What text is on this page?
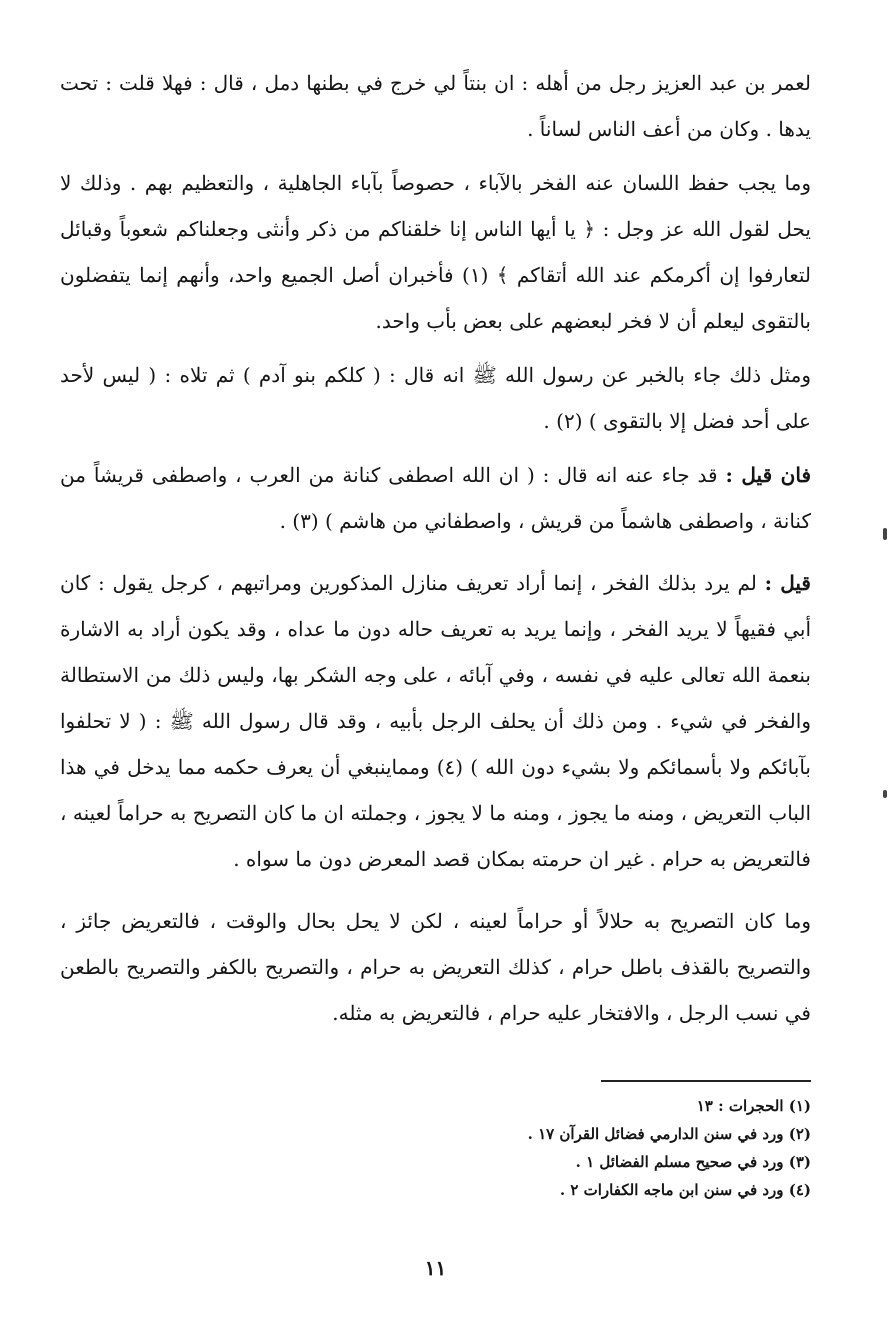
لعمر بن عبد العزيز رجل من أهله : ان بنتاً لي خرج في بطنها دمل ، قال : فهلا قلت : تحت يدها . وكان من أعف الناس لساناً .

وما يجب حفظ اللسان عنه الفخر بالآباء ، حصوصاً بآباء الجاهلية ، والتعظيم بهم . وذلك لا يحل لقول الله عز وجل : ﴿ يا أيها الناس إنا خلقناكم من ذكر وأنثى وجعلناكم شعوباً وقبائل لتعارفوا إن أكرمكم عند الله أتقاكم ﴾ (١) فأخبران أصل الجميع واحد، وأنهم إنما يتفضلون بالتقوى ليعلم أن لا فخر لبعضهم على بعض بأب واحد.

ومثل ذلك جاء بالخبر عن رسول الله ﷺ انه قال : ( كلكم بنو آدم ) ثم تلاه : ( ليس لأحد على أحد فضل إلا بالتقوى ) (٢) .

فان قيل : قد جاء عنه انه قال : ( ان الله اصطفى كنانة من العرب ، واصطفى قريشاً من كنانة ، واصطفى هاشماً من قريش ، واصطفاني من هاشم ) (٣) .

قيل : لم يرد بذلك الفخر ، إنما أراد تعريف منازل المذكورين ومراتبهم ، كرجل يقول : كان أبي فقيهاً لا يريد الفخر ، وإنما يريد به تعريف حاله دون ما عداه ، وقد يكون أراد به الاشارة بنعمة الله تعالى عليه في نفسه ، وفي آبائه ، على وجه الشكر بها، وليس ذلك من الاستطالة والفخر في شيء . ومن ذلك أن يحلف الرجل بأبيه ، وقد قال رسول الله ﷺ : ( لا تحلفوا بآبائكم ولا بأسمائكم ولا بشيء دون الله ) (٤) ومماينبغي أن يعرف حكمه مما يدخل في هذا الباب التعريض ، ومنه ما يجوز ، ومنه ما لا يجوز ، وجملته ان ما كان التصريح به حراماً لعينه ، فالتعريض به حرام . غير ان حرمته بمكان قصد المعرض دون ما سواه .

وما كان التصريح به حلالاً أو حراماً لعينه ، لكن لا يحل بحال والوقت ، فالتعريض جائز ، والتصريح بالقذف باطل حرام ، كذلك التعريض به حرام ، والتصريح بالكفر والتصريح بالطعن في نسب الرجل ، والافتخار عليه حرام ، فالتعريض به مثله.

(١) الحجرات : ١٣

(٢) ورد في سنن الدارمي فضائل القرآن ١٧ .

(٣) ورد في صحيح مسلم الفضائل ١ .

(٤) ورد في سنن ابن ماجه الكفارات ٢ .

١١
